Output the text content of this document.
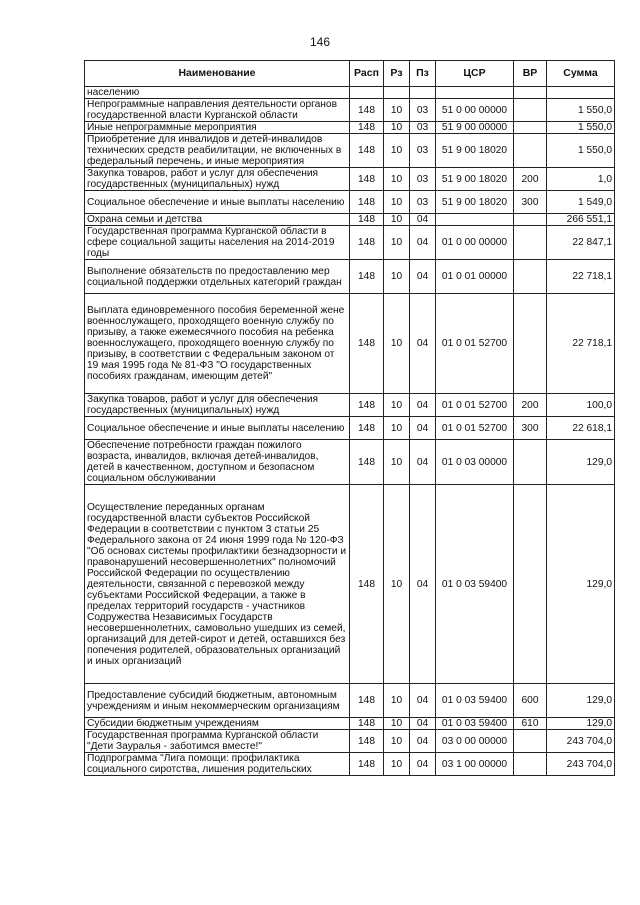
146
Наименование	Расп	Рз	Пз	ЦСР	ВР	Сумма
населению						
Непрограммные направления деятельности органов государственной власти Курганской области	148	10	03	51 0 00 00000		1 550,0
Иные непрограммные мероприятия	148	10	03	51 9 00 00000		1 550,0
Приобретение для инвалидов и детей-инвалидов технических средств реабилитации, не включенных в федеральный перечень, и иные мероприятия	148	10	03	51 9 00 18020		1 550,0
Закупка товаров, работ и услуг для обеспечения государственных (муниципальных) нужд	148	10	03	51 9 00 18020	200	1,0
Социальное обеспечение и иные выплаты населению	148	10	03	51 9 00 18020	300	1 549,0
Охрана семьи и детства	148	10	04			266 551,1
Государственная программа Курганской области в сфере социальной защиты населения на 2014-2019 годы	148	10	04	01 0 00 00000		22 847,1
Выполнение обязательств по предоставлению мер социальной поддержки отдельных категорий граждан	148	10	04	01 0 01 00000		22 718,1
Выплата единовременного пособия беременной жене военнослужащего, проходящего военную службу по призыву, а также ежемесячного пособия на ребенка военнослужащего, проходящего военную службу по призыву, в соответствии с Федеральным законом от 19 мая 1995 года № 81-ФЗ "О государственных пособиях гражданам, имеющим детей"	148	10	04	01 0 01 52700		22 718,1
Закупка товаров, работ и услуг для обеспечения государственных (муниципальных) нужд	148	10	04	01 0 01 52700	200	100,0
Социальное обеспечение и иные выплаты населению	148	10	04	01 0 01 52700	300	22 618,1
Обеспечение потребности граждан пожилого возраста, инвалидов, включая детей-инвалидов, детей в качественном, доступном и безопасном социальном обслуживании	148	10	04	01 0 03 00000		129,0
Осуществление переданных органам государственной власти субъектов Российской Федерации в соответствии с пунктом 3 статьи 25 Федерального закона от 24 июня 1999 года № 120-ФЗ "Об основах системы профилактики безнадзорности и правонарушений несовершеннолетних" полномочий Российской Федерации по осуществлению деятельности, связанной с перевозкой между субъектами Российской Федерации, а также в пределах территорий государств - участников Содружества Независимых Государств несовершеннолетних, самовольно ушедших из семей, организаций для детей-сирот и детей, оставшихся без попечения родителей, образовательных организаций и иных организаций	148	10	04	01 0 03 59400		129,0
Предоставление субсидий бюджетным, автономным учреждениям и иным некоммерческим организациям	148	10	04	01 0 03 59400	600	129,0
Субсидии бюджетным учреждениям	148	10	04	01 0 03 59400	610	129,0
Государственная программа Курганской области "Дети Зауралья - заботимся вместе!"	148	10	04	03 0 00 00000		243 704,0
Подпрограмма "Лига помощи: профилактика социального сиротства, лишения родительских	148	10	04	03 1 00 00000		243 704,0
